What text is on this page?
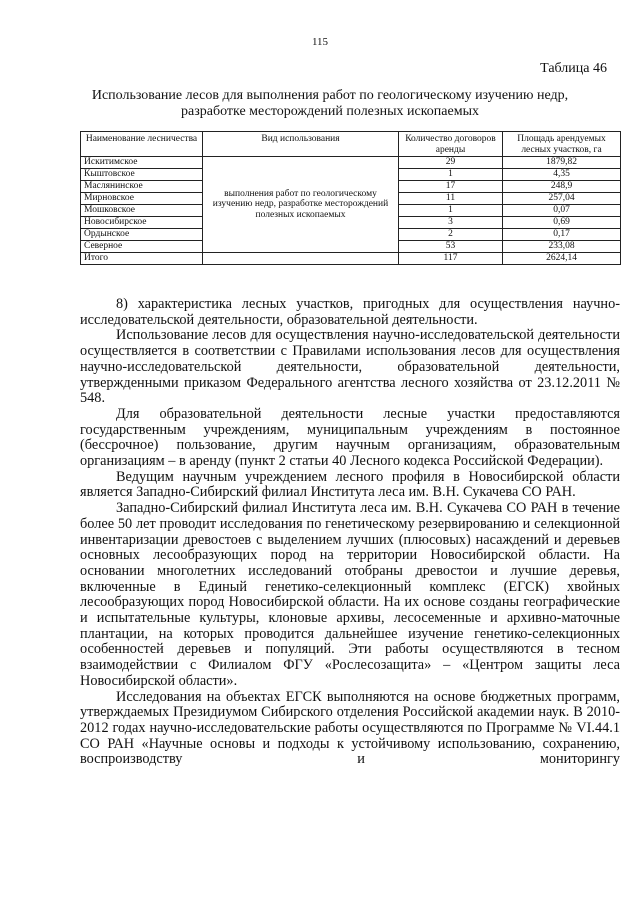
115
Таблица 46
Использование лесов для выполнения работ по геологическому изучению недр, разработке месторождений полезных ископаемых
Наименование лесничества	Вид использования	Количество договоров аренды	Площадь арендуемых лесных участков, га
Искитимское	выполнения работ по геологическому изучению недр, разработке месторождений полезных ископаемых	29	1879,82
Кыштовское		1	4,35
Маслянинское		17	248,9
Мирновское		11	257,04
Мошковское		1	0,07
Новосибирское		3	0,69
Ордынское		2	0,17
Северное		53	233,08
Итого		117	2624,14

8) характеристика лесных участков, пригодных для осуществления научно-исследовательской деятельности, образовательной деятельности.

Использование лесов для осуществления научно-исследовательской деятельности осуществляется в соответствии с Правилами использования лесов для осуществления научно-исследовательской деятельности, образовательной деятельности, утвержденными приказом Федерального агентства лесного хозяйства от 23.12.2011 № 548.

Для образовательной деятельности лесные участки предоставляются государственным учреждениям, муниципальным учреждениям в постоянное (бессрочное) пользование, другим научным организациям, образовательным организациям – в аренду (пункт 2 статьи 40 Лесного кодекса Российской Федерации).

Ведущим научным учреждением лесного профиля в Новосибирской области является Западно-Сибирский филиал Института леса им. В.Н. Сукачева СО РАН.

Западно-Сибирский филиал Института леса им. В.Н. Сукачева СО РАН в течение более 50 лет проводит исследования по генетическому резервированию и селекционной инвентаризации древостоев с выделением лучших (плюсовых) насаждений и деревьев основных лесообразующих пород на территории Новосибирской области. На основании многолетних исследований отобраны древостои и лучшие деревья, включенные в Единый генетико-селекционный комплекс (ЕГСК) хвойных лесообразующих пород Новосибирской области. На их основе созданы географические и испытательные культуры, клоновые архивы, лесосеменные и архивно-маточные плантации, на которых проводится дальнейшее изучение генетико-селекционных особенностей деревьев и популяций. Эти работы осуществляются в тесном взаимодействии с Филиалом ФГУ «Рослесозащита» – «Центром защиты леса Новосибирской области».

Исследования на объектах ЕГСК выполняются на основе бюджетных программ, утверждаемых Президиумом Сибирского отделения Российской академии наук. В 2010-2012 годах научно-исследовательские работы осуществляются по Программе № VI.44.1 СО РАН «Научные основы и подходы к устойчивому использованию, сохранению, воспроизводству и мониторингу
